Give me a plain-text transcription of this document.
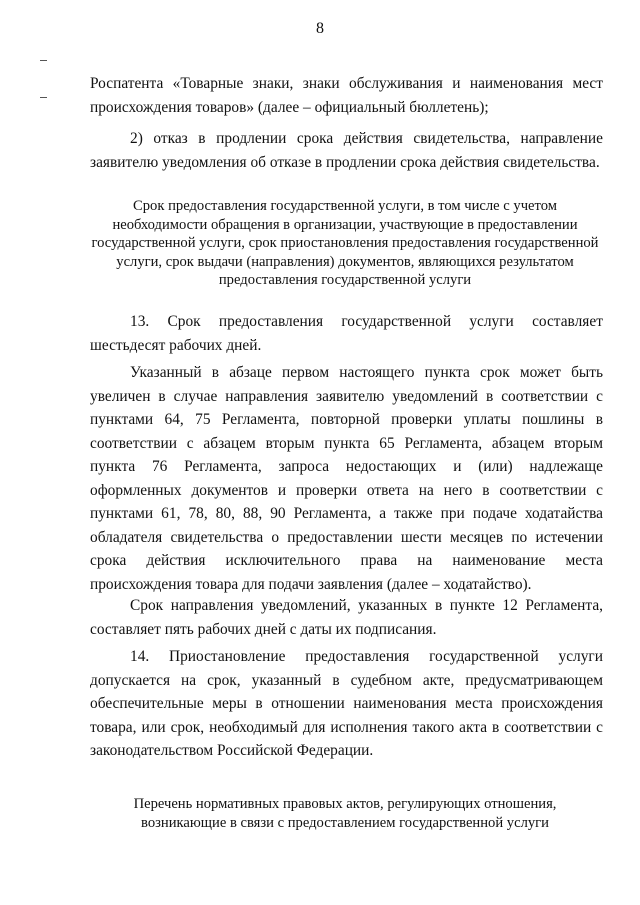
8
Роспатента «Товарные знаки, знаки обслуживания и наименования мест происхождения товаров» (далее – официальный бюллетень);
2) отказ в продлении срока действия свидетельства, направление заявителю уведомления об отказе в продлении срока действия свидетельства.
Срок предоставления государственной услуги, в том числе с учетом необходимости обращения в организации, участвующие в предоставлении государственной услуги, срок приостановления предоставления государственной услуги, срок выдачи (направления) документов, являющихся результатом предоставления государственной услуги
13. Срок предоставления государственной услуги составляет
шестьдесят рабочих дней.
Указанный в абзаце первом настоящего пункта срок может быть увеличен в случае направления заявителю уведомлений в соответствии с пунктами 64, 75 Регламента, повторной проверки уплаты пошлины в соответствии с абзацем вторым пункта 65 Регламента, абзацем вторым пункта 76 Регламента, запроса недостающих и (или) надлежаще оформленных документов и проверки ответа на него в соответствии с пунктами 61, 78, 80, 88, 90 Регламента, а также при подаче ходатайства обладателя свидетельства о предоставлении шести месяцев по истечении срока действия исключительного права на наименование места происхождения товара для подачи заявления (далее – ходатайство).
Срок направления уведомлений, указанных в пункте 12 Регламента, составляет пять рабочих дней с даты их подписания.
14. Приостановление предоставления государственной услуги
допускается на срок, указанный в судебном акте, предусматривающем обеспечительные меры в отношении наименования места происхождения товара, или срок, необходимый для исполнения такого акта в соответствии с законодательством Российской Федерации.
Перечень нормативных правовых актов, регулирующих отношения, возникающие в связи с предоставлением государственной услуги
